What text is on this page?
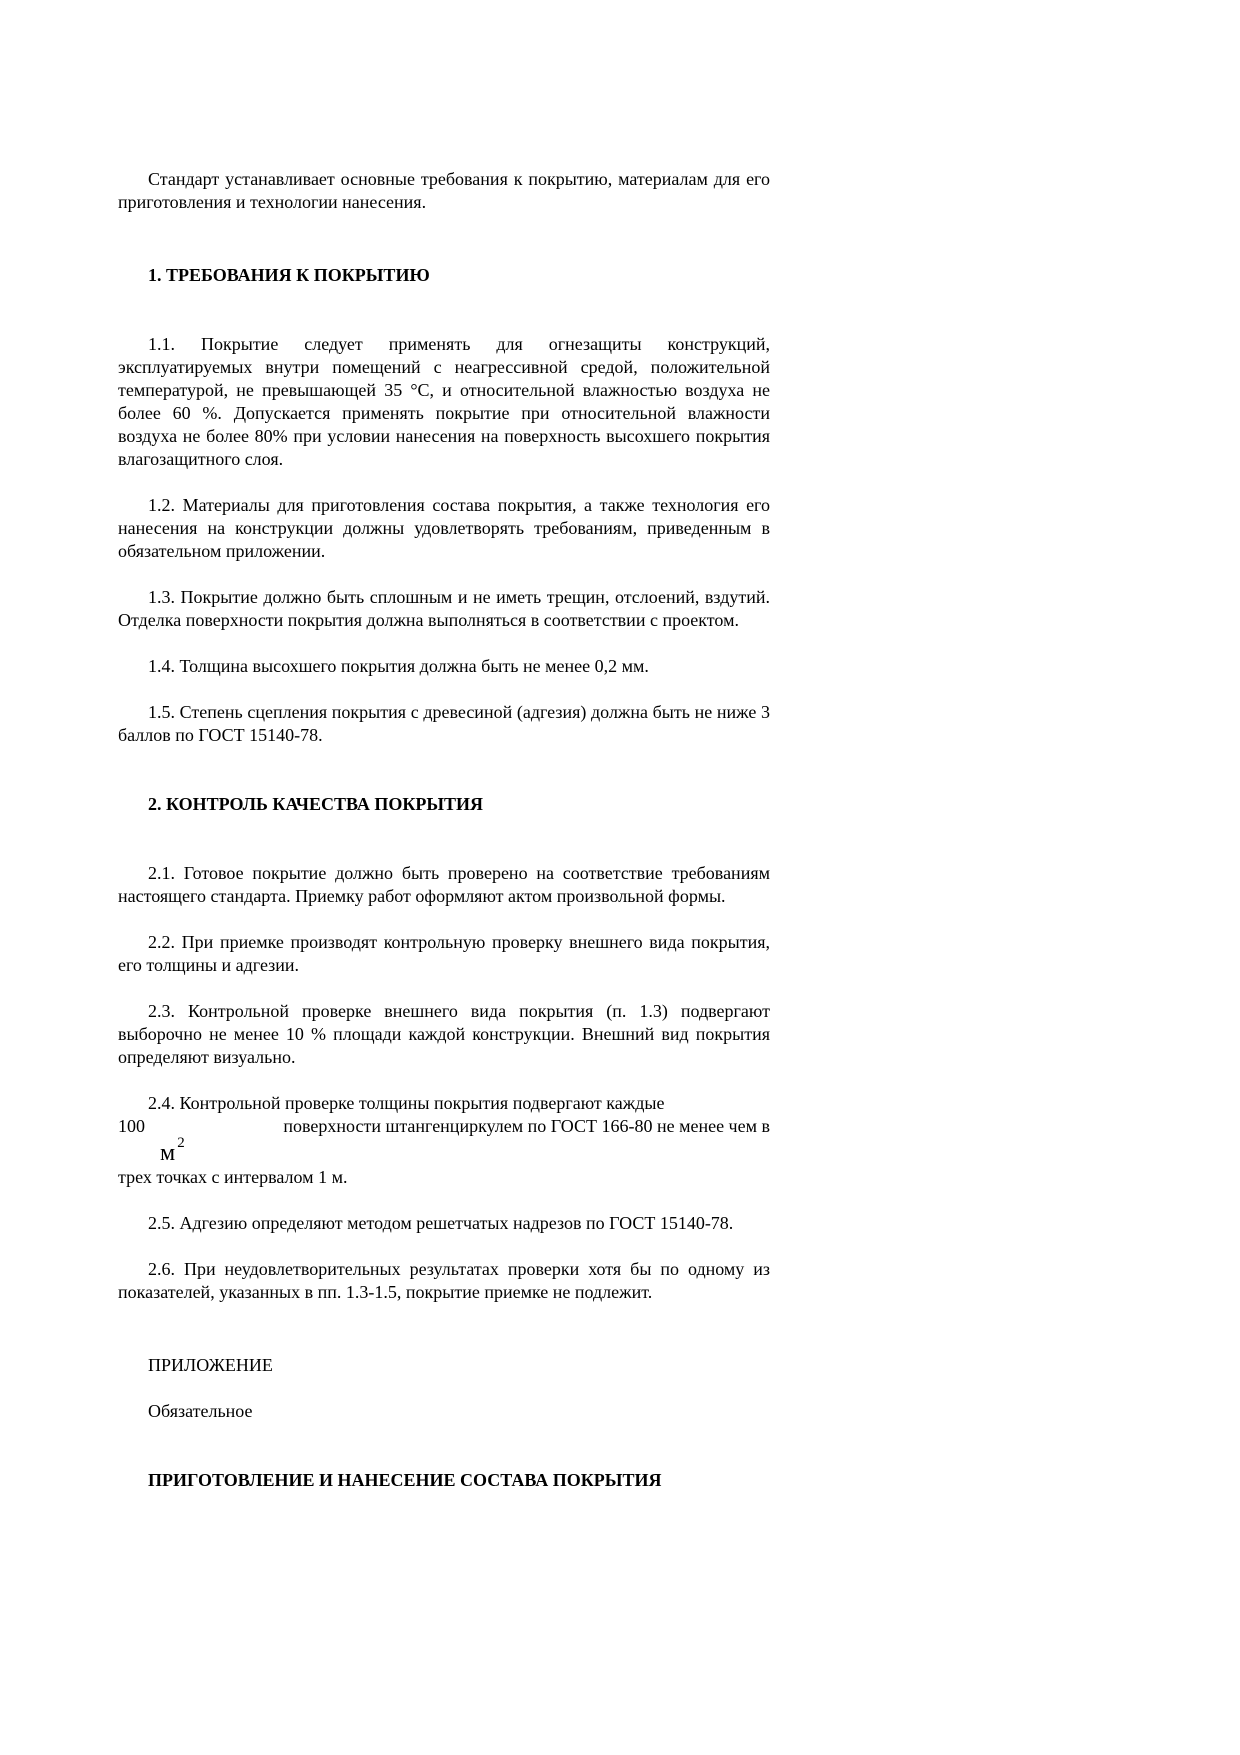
Стандарт устанавливает основные требования к покрытию, материалам для его приготовления и технологии нанесения.

1. ТРЕБОВАНИЯ К ПОКРЫТИЮ

1.1. Покрытие следует применять для огнезащиты конструкций, эксплуатируемых внутри помещений с неагрессивной средой, положительной температурой, не превышающей 35 °С, и относительной влажностью воздуха не более 60 %. Допускается применять покрытие при относительной влажности воздуха не более 80% при условии нанесения на поверхность высохшего покрытия влагозащитного слоя.

1.2. Материалы для приготовления состава покрытия, а также технология его нанесения на конструкции должны удовлетворять требованиям, приведенным в обязательном приложении.

1.3. Покрытие должно быть сплошным и не иметь трещин, отслоений, вздутий. Отделка поверхности покрытия должна выполняться в соответствии с проектом.

1.4. Толщина высохшего покрытия должна быть не менее 0,2 мм.

1.5. Степень сцепления покрытия с древесиной (адгезия) должна быть не ниже 3 баллов по ГОСТ 15140-78.

2. КОНТРОЛЬ КАЧЕСТВА ПОКРЫТИЯ

2.1. Готовое покрытие должно быть проверено на соответствие требованиям настоящего стандарта. Приемку работ оформляют актом произвольной формы.

2.2. При приемке производят контрольную проверку внешнего вида покрытия, его толщины и адгезии.

2.3. Контрольной проверке внешнего вида покрытия (п. 1.3) подвергают выборочно не менее 10 % площади каждой конструкции. Внешний вид покрытия определяют визуально.

2.4. Контрольной проверке толщины покрытия подвергают каждые
100	поверхности штангенциркулем по ГОСТ 166-80 не менее чем в
м $^2$
трех точках с интервалом 1 м.

2.5. Адгезию определяют методом решетчатых надрезов по ГОСТ 15140-78.

2.6. При неудовлетворительных результатах проверки хотя бы по одному из показателей, указанных в пп. 1.3-1.5, покрытие приемке не подлежит.

ПРИЛОЖЕНИЕ

Обязательное

ПРИГОТОВЛЕНИЕ И НАНЕСЕНИЕ СОСТАВА ПОКРЫТИЯ
